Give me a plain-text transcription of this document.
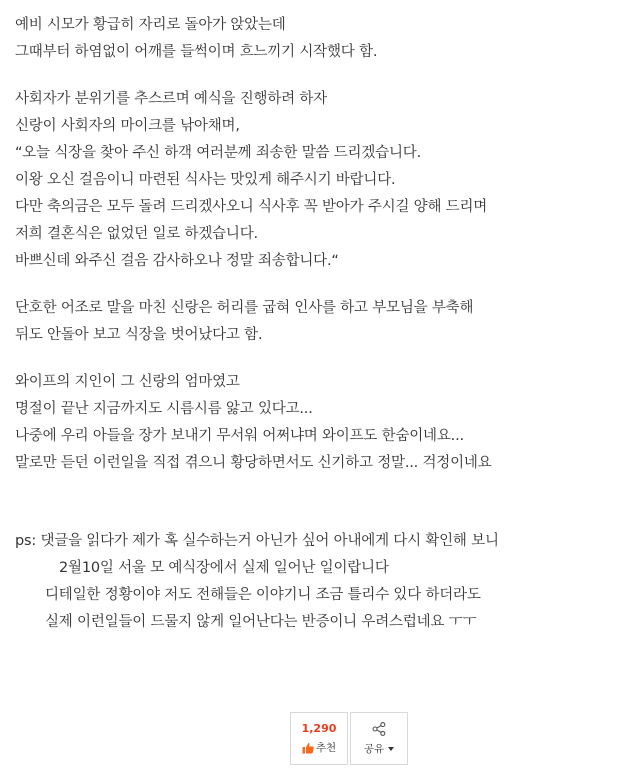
예비 시모가 황급히 자리로 돌아가 앉았는데
그때부터 하염없이 어깨를 들썩이며 흐느끼기 시작했다 함.
사회자가 분위기를 추스르며 예식을 진행하려 하자
신랑이 사회자의 마이크를 낚아채며,
“오늘 식장을 찾아 주신 하객 여러분께 죄송한 말씀 드리겠습니다.
이왕 오신 걸음이니 마련된 식사는 맛있게 해주시기 바랍니다.
다만 축의금은 모두 돌려 드리겠사오니 식사후 꼭 받아가 주시길 양해 드리며
저희 결혼식은 없었던 일로 하겠습니다.
바쁘신데 와주신 걸음 감사하오나 정말 죄송합니다.“
단호한 어조로 말을 마친 신랑은 허리를 굽혀 인사를 하고 부모님을 부축해
뒤도 안돌아 보고 식장을 벗어났다고 함.
와이프의 지인이 그 신랑의 엄마였고
명절이 끝난 지금까지도 시름시름 앓고 있다고...
나중에 우리 아들을 장가 보내기 무서워 어쩌냐며 와이프도 한숨이네요...
말로만 듣던 이런일을 직접 겪으니 황당하면서도 신기하고 정말... 걱정이네요
ps: 댓글을 읽다가 제가 혹 실수하는거 아닌가 싶어 아내에게 다시 확인해 보니
2월10일 서울 모 예식장에서 실제 일어난 일이랍니다
디테일한 정황이야 저도 전해들은 이야기니 조금 틀리수 있다 하더라도
실제 이런일들이 드물지 않게 일어난다는 반증이니 우려스럽네요 ㅜㅜ
1,290
추천	공유
